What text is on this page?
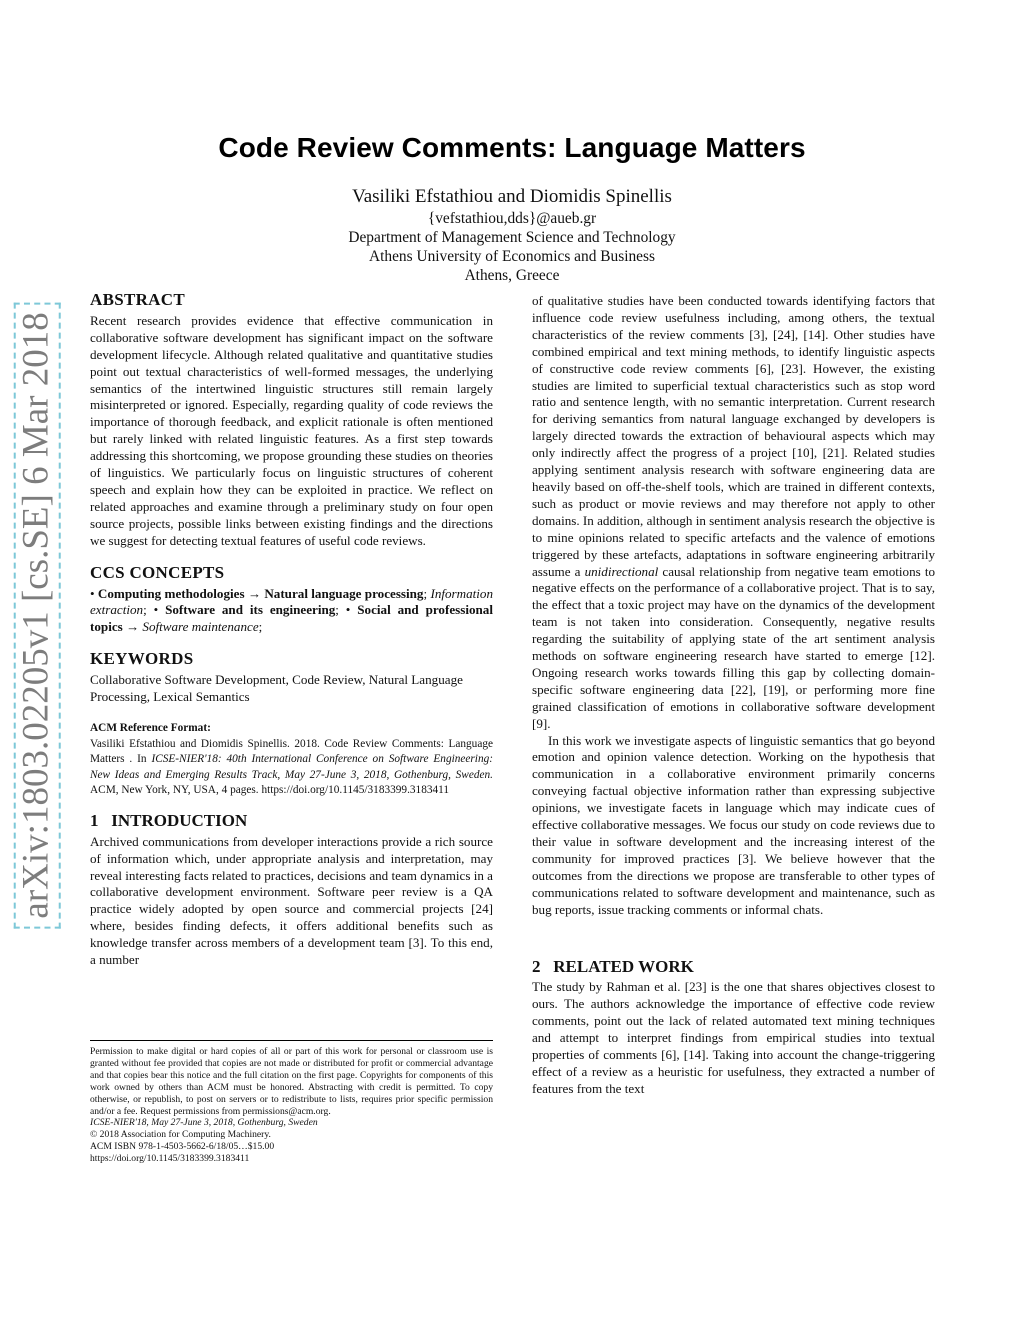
arXiv:1803.02205v1 [cs.SE] 6 Mar 2018
Code Review Comments: Language Matters
Vasiliki Efstathiou and Diomidis Spinellis
{vefstathiou,dds}@aueb.gr
Department of Management Science and Technology
Athens University of Economics and Business
Athens, Greece
ABSTRACT

Recent research provides evidence that effective communication in collaborative software development has significant impact on the software development lifecycle. Although related qualitative and quantitative studies point out textual characteristics of well-formed messages, the underlying semantics of the intertwined linguistic structures still remain largely misinterpreted or ignored. Especially, regarding quality of code reviews the importance of thorough feedback, and explicit rationale is often mentioned but rarely linked with related linguistic features. As a first step towards addressing this shortcoming, we propose grounding these studies on theories of linguistics. We particularly focus on linguistic structures of coherent speech and explain how they can be exploited in practice. We reflect on related approaches and examine through a preliminary study on four open source projects, possible links between existing findings and the directions we suggest for detecting textual features of useful code reviews.

CCS CONCEPTS

• Computing methodologies → Natural language processing; Information extraction; • Software and its engineering; • Social and professional topics → Software maintenance;

KEYWORDS

Collaborative Software Development, Code Review, Natural Language Processing, Lexical Semantics

ACM Reference Format:

Vasiliki Efstathiou and Diomidis Spinellis. 2018. Code Review Comments: Language Matters . In ICSE-NIER'18: 40th International Conference on Software Engineering: New Ideas and Emerging Results Track, May 27-June 3, 2018, Gothenburg, Sweden. ACM, New York, NY, USA, 4 pages. https://doi.org/10.1145/3183399.3183411

1 INTRODUCTION

Archived communications from developer interactions provide a rich source of information which, under appropriate analysis and interpretation, may reveal interesting facts related to practices, decisions and team dynamics in a collaborative development environment. Software peer review is a QA practice widely adopted by open source and commercial projects [24] where, besides finding defects, it offers additional benefits such as knowledge transfer across members of a development team [3]. To this end, a number

Permission to make digital or hard copies of all or part of this work for personal or classroom use is granted without fee provided that copies are not made or distributed for profit or commercial advantage and that copies bear this notice and the full citation on the first page. Copyrights for components of this work owned by others than ACM must be honored. Abstracting with credit is permitted. To copy otherwise, or republish, to post on servers or to redistribute to lists, requires prior specific permission and/or a fee. Request permissions from permissions@acm.org.

ICSE-NIER'18, May 27-June 3, 2018, Gothenburg, Sweden

© 2018 Association for Computing Machinery.

ACM ISBN 978-1-4503-5662-6/18/05…$15.00

https://doi.org/10.1145/3183399.3183411

of qualitative studies have been conducted towards identifying factors that influence code review usefulness including, among others, the textual characteristics of the review comments [3], [24], [14]. Other studies have combined empirical and text mining methods, to identify linguistic aspects of constructive code review comments [6], [23]. However, the existing studies are limited to superficial textual characteristics such as stop word ratio and sentence length, with no semantic interpretation. Current research for deriving semantics from natural language exchanged by developers is largely directed towards the extraction of behavioural aspects which may only indirectly affect the progress of a project [10], [21]. Related studies applying sentiment analysis research with software engineering data are heavily based on off-the-shelf tools, which are trained in different contexts, such as product or movie reviews and may therefore not apply to other domains. In addition, although in sentiment analysis research the objective is to mine opinions related to specific artefacts and the valence of emotions triggered by these artefacts, adaptations in software engineering arbitrarily assume a unidirectional causal relationship from negative team emotions to negative effects on the performance of a collaborative project. That is to say, the effect that a toxic project may have on the dynamics of the development team is not taken into consideration. Consequently, negative results regarding the suitability of applying state of the art sentiment analysis methods on software engineering research have started to emerge [12]. Ongoing research works towards filling this gap by collecting domain-specific software engineering data [22], [19], or performing more fine grained classification of emotions in collaborative software development [9].

In this work we investigate aspects of linguistic semantics that go beyond emotion and opinion valence detection. Working on the hypothesis that communication in a collaborative environment primarily concerns conveying factual objective information rather than expressing subjective opinions, we investigate facets in language which may indicate cues of effective collaborative messages. We focus our study on code reviews due to their value in software development and the increasing interest of the community for improved practices [3]. We believe however that the outcomes from the directions we propose are transferable to other types of communications related to software development and maintenance, such as bug reports, issue tracking comments or informal chats.

2 RELATED WORK

The study by Rahman et al. [23] is the one that shares objectives closest to ours. The authors acknowledge the importance of effective code review comments, point out the lack of related automated text mining techniques and attempt to interpret findings from empirical studies into textual properties of comments [6], [14]. Taking into account the change-triggering effect of a review as a heuristic for usefulness, they extracted a number of features from the text
